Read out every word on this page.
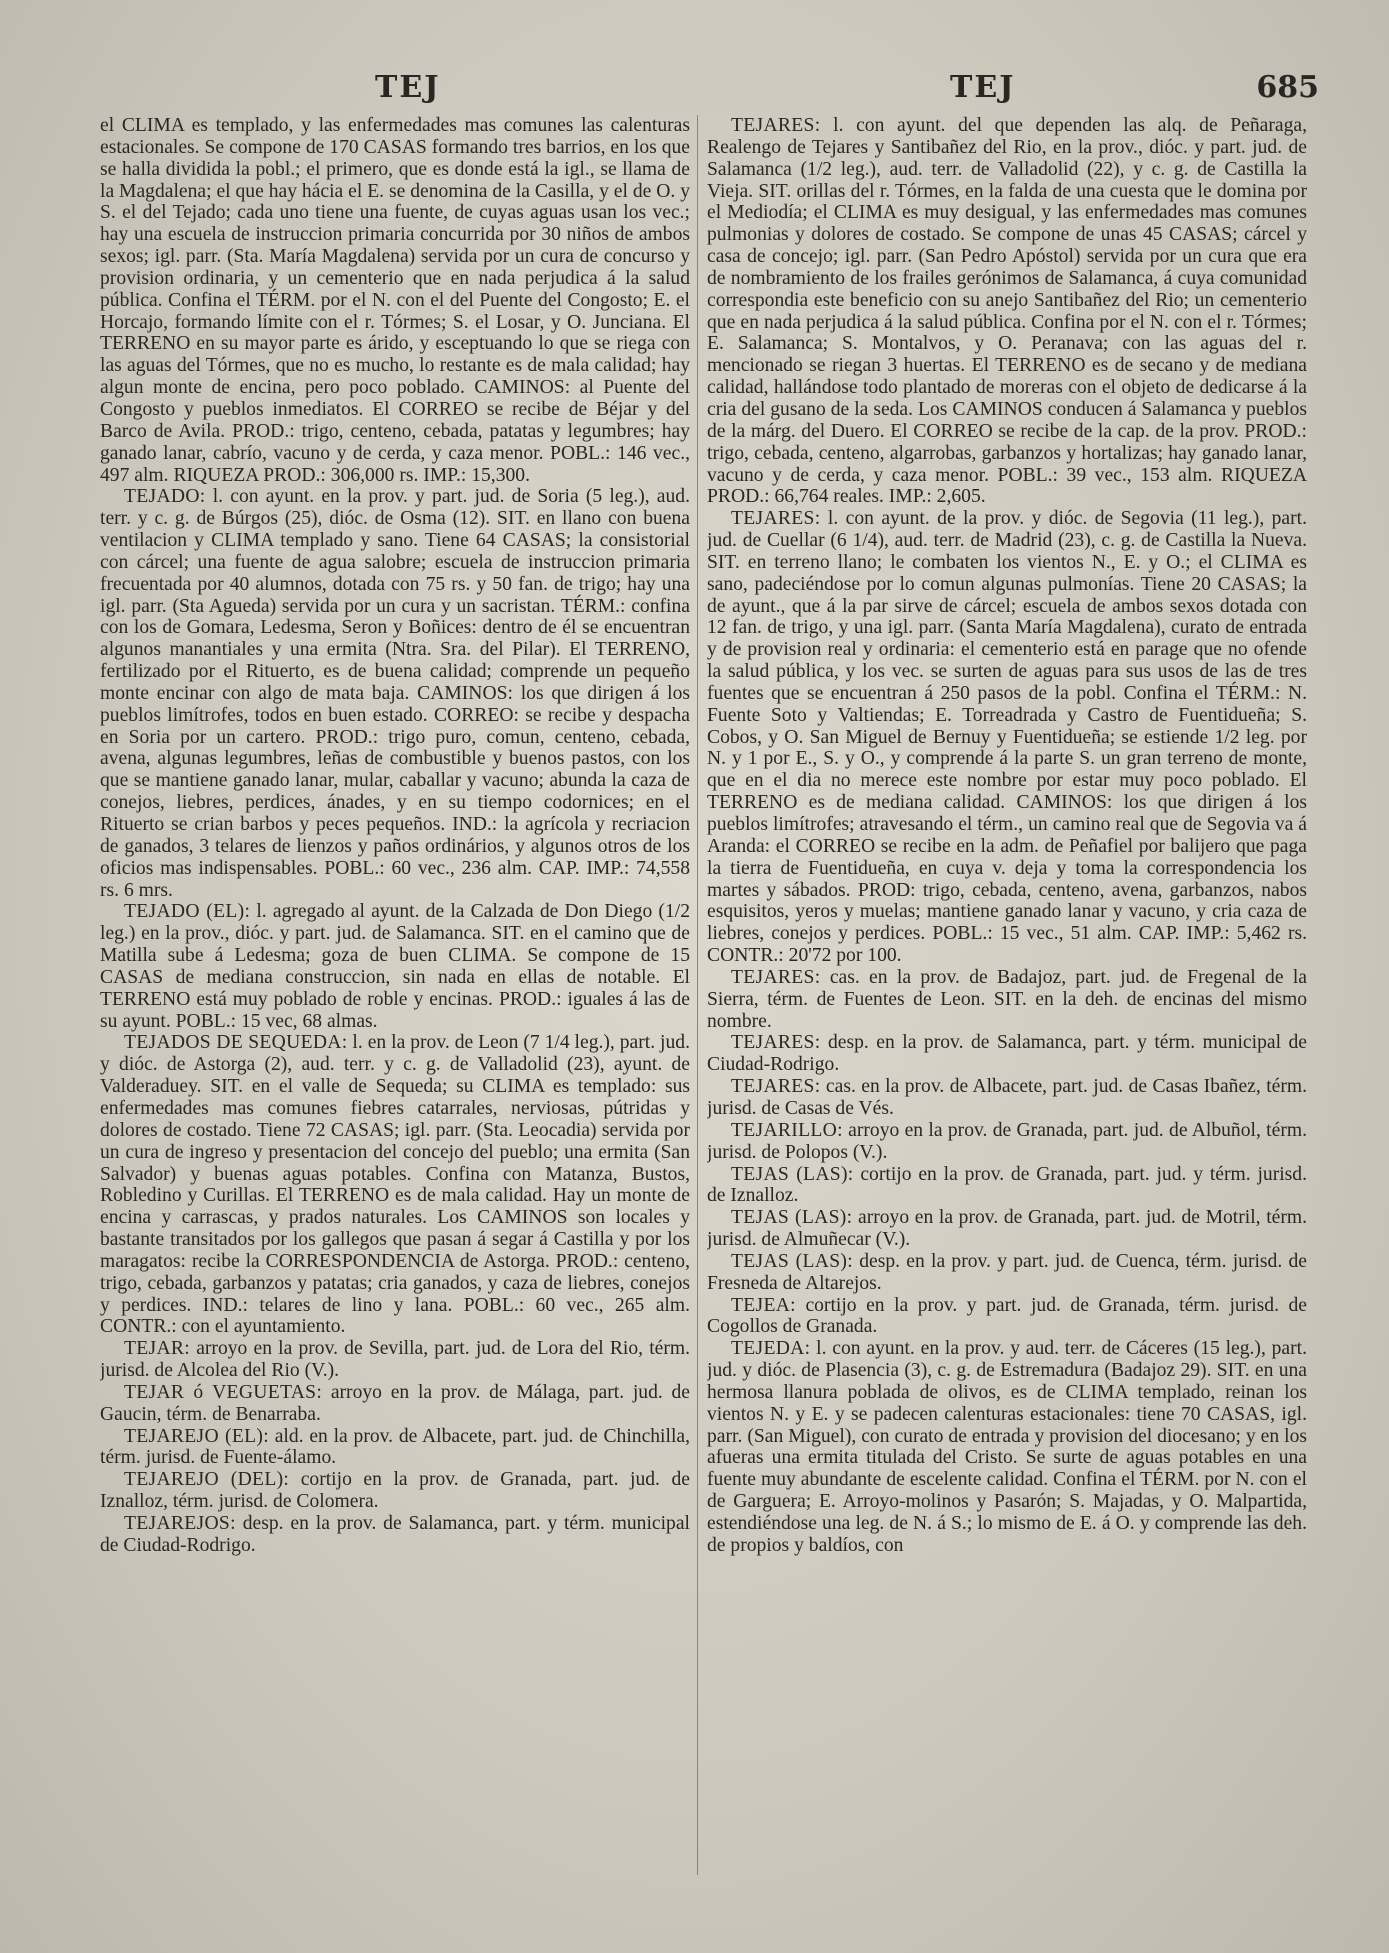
TEJ	TEJ	685

el CLIMA es templado, y las enfermedades mas comunes las calenturas estacionales. Se compone de 170 CASAS formando tres barrios, en los que se halla dividida la pobl.; el primero, que es donde está la igl., se llama de la Magdalena; el que hay hácia el E. se denomina de la Casilla, y el de O. y S. el del Tejado; cada uno tiene una fuente, de cuyas aguas usan los vec.; hay una escuela de instruccion primaria concurrida por 30 niños de ambos sexos; igl. parr. (Sta. María Magdalena) servida por un cura de concurso y provision ordinaria, y un cementerio que en nada perjudica á la salud pública. Confina el TÉRM. por el N. con el del Puente del Congosto; E. el Horcajo, formando límite con el r. Tórmes; S. el Losar, y O. Junciana. El TERRENO en su mayor parte es árido, y esceptuando lo que se riega con las aguas del Tórmes, que no es mucho, lo restante es de mala calidad; hay algun monte de encina, pero poco poblado. CAMINOS: al Puente del Congosto y pueblos inmediatos. El CORREO se recibe de Béjar y del Barco de Avila. PROD.: trigo, centeno, cebada, patatas y legumbres; hay ganado lanar, cabrío, vacuno y de cerda, y caza menor. POBL.: 146 vec., 497 alm. RIQUEZA PROD.: 306,000 rs. IMP.: 15,300.

TEJADO: l. con ayunt. en la prov. y part. jud. de Soria (5 leg.), aud. terr. y c. g. de Búrgos (25), dióc. de Osma (12). SIT. en llano con buena ventilacion y CLIMA templado y sano. Tiene 64 CASAS; la consistorial con cárcel; una fuente de agua salobre; escuela de instruccion primaria frecuentada por 40 alumnos, dotada con 75 rs. y 50 fan. de trigo; hay una igl. parr. (Sta Agueda) servida por un cura y un sacristan. TÉRM.: confina con los de Gomara, Ledesma, Seron y Boñices: dentro de él se encuentran algunos manantiales y una ermita (Ntra. Sra. del Pilar). El TERRENO, fertilizado por el Rituerto, es de buena calidad; comprende un pequeño monte encinar con algo de mata baja. CAMINOS: los que dirigen á los pueblos limítrofes, todos en buen estado. CORREO: se recibe y despacha en Soria por un cartero. PROD.: trigo puro, comun, centeno, cebada, avena, algunas legumbres, leñas de combustible y buenos pastos, con los que se mantiene ganado lanar, mular, caballar y vacuno; abunda la caza de conejos, liebres, perdices, ánades, y en su tiempo codornices; en el Rituerto se crian barbos y peces pequeños. IND.: la agrícola y recriacion de ganados, 3 telares de lienzos y paños ordinários, y algunos otros de los oficios mas indispensables. POBL.: 60 vec., 236 alm. CAP. IMP.: 74,558 rs. 6 mrs.

TEJADO (EL): l. agregado al ayunt. de la Calzada de Don Diego (1/2 leg.) en la prov., dióc. y part. jud. de Salamanca. SIT. en el camino que de Matilla sube á Ledesma; goza de buen CLIMA. Se compone de 15 CASAS de mediana construccion, sin nada en ellas de notable. El TERRENO está muy poblado de roble y encinas. PROD.: iguales á las de su ayunt. POBL.: 15 vec, 68 almas.

TEJADOS DE SEQUEDA: l. en la prov. de Leon (7 1/4 leg.), part. jud. y dióc. de Astorga (2), aud. terr. y c. g. de Valladolid (23), ayunt. de Valderaduey. SIT. en el valle de Sequeda; su CLIMA es templado: sus enfermedades mas comunes fiebres catarrales, nerviosas, pútridas y dolores de costado. Tiene 72 CASAS; igl. parr. (Sta. Leocadia) servida por un cura de ingreso y presentacion del concejo del pueblo; una ermita (San Salvador) y buenas aguas potables. Confina con Matanza, Bustos, Robledino y Curillas. El TERRENO es de mala calidad. Hay un monte de encina y carrascas, y prados naturales. Los CAMINOS son locales y bastante transitados por los gallegos que pasan á segar á Castilla y por los maragatos: recibe la CORRESPONDENCIA de Astorga. PROD.: centeno, trigo, cebada, garbanzos y patatas; cria ganados, y caza de liebres, conejos y perdices. IND.: telares de lino y lana. POBL.: 60 vec., 265 alm. CONTR.: con el ayuntamiento.

TEJAR: arroyo en la prov. de Sevilla, part. jud. de Lora del Rio, térm. jurisd. de Alcolea del Rio (V.).

TEJAR ó VEGUETAS: arroyo en la prov. de Málaga, part. jud. de Gaucin, térm. de Benarraba.

TEJAREJO (EL): ald. en la prov. de Albacete, part. jud. de Chinchilla, térm. jurisd. de Fuente-álamo.

TEJAREJO (DEL): cortijo en la prov. de Granada, part. jud. de Iznalloz, térm. jurisd. de Colomera.

TEJAREJOS: desp. en la prov. de Salamanca, part. y térm. municipal de Ciudad-Rodrigo.

TEJARES: l. con ayunt. del que dependen las alq. de Peñaraga, Realengo de Tejares y Santibañez del Rio, en la prov., dióc. y part. jud. de Salamanca (1/2 leg.), aud. terr. de Valladolid (22), y c. g. de Castilla la Vieja. SIT. orillas del r. Tórmes, en la falda de una cuesta que le domina por el Mediodía; el CLIMA es muy desigual, y las enfermedades mas comunes pulmonias y dolores de costado. Se compone de unas 45 CASAS; cárcel y casa de concejo; igl. parr. (San Pedro Apóstol) servida por un cura que era de nombramiento de los frailes gerónimos de Salamanca, á cuya comunidad correspondia este beneficio con su anejo Santibañez del Rio; un cementerio que en nada perjudica á la salud pública. Confina por el N. con el r. Tórmes; E. Salamanca; S. Montalvos, y O. Peranava; con las aguas del r. mencionado se riegan 3 huertas. El TERRENO es de secano y de mediana calidad, hallándose todo plantado de moreras con el objeto de dedicarse á la cria del gusano de la seda. Los CAMINOS conducen á Salamanca y pueblos de la márg. del Duero. El CORREO se recibe de la cap. de la prov. PROD.: trigo, cebada, centeno, algarrobas, garbanzos y hortalizas; hay ganado lanar, vacuno y de cerda, y caza menor. POBL.: 39 vec., 153 alm. RIQUEZA PROD.: 66,764 reales. IMP.: 2,605.

TEJARES: l. con ayunt. de la prov. y dióc. de Segovia (11 leg.), part. jud. de Cuellar (6 1/4), aud. terr. de Madrid (23), c. g. de Castilla la Nueva. SIT. en terreno llano; le combaten los vientos N., E. y O.; el CLIMA es sano, padeciéndose por lo comun algunas pulmonías. Tiene 20 CASAS; la de ayunt., que á la par sirve de cárcel; escuela de ambos sexos dotada con 12 fan. de trigo, y una igl. parr. (Santa María Magdalena), curato de entrada y de provision real y ordinaria: el cementerio está en parage que no ofende la salud pública, y los vec. se surten de aguas para sus usos de las de tres fuentes que se encuentran á 250 pasos de la pobl. Confina el TÉRM.: N. Fuente Soto y Valtiendas; E. Torreadrada y Castro de Fuentidueña; S. Cobos, y O. San Miguel de Bernuy y Fuentidueña; se estiende 1/2 leg. por N. y 1 por E., S. y O., y comprende á la parte S. un gran terreno de monte, que en el dia no merece este nombre por estar muy poco poblado. El TERRENO es de mediana calidad. CAMINOS: los que dirigen á los pueblos limítrofes; atravesando el térm., un camino real que de Segovia va á Aranda: el CORREO se recibe en la adm. de Peñafiel por balijero que paga la tierra de Fuentidueña, en cuya v. deja y toma la correspondencia los martes y sábados. PROD: trigo, cebada, centeno, avena, garbanzos, nabos esquisitos, yeros y muelas; mantiene ganado lanar y vacuno, y cria caza de liebres, conejos y perdices. POBL.: 15 vec., 51 alm. CAP. IMP.: 5,462 rs. CONTR.: 20'72 por 100.

TEJARES: cas. en la prov. de Badajoz, part. jud. de Fregenal de la Sierra, térm. de Fuentes de Leon. SIT. en la deh. de encinas del mismo nombre.

TEJARES: desp. en la prov. de Salamanca, part. y térm. municipal de Ciudad-Rodrigo.

TEJARES: cas. en la prov. de Albacete, part. jud. de Casas Ibañez, térm. jurisd. de Casas de Vés.

TEJARILLO: arroyo en la prov. de Granada, part. jud. de Albuñol, térm. jurisd. de Polopos (V.).

TEJAS (LAS): cortijo en la prov. de Granada, part. jud. y térm. jurisd. de Iznalloz.

TEJAS (LAS): arroyo en la prov. de Granada, part. jud. de Motril, térm. jurisd. de Almuñecar (V.).

TEJAS (LAS): desp. en la prov. y part. jud. de Cuenca, térm. jurisd. de Fresneda de Altarejos.

TEJEA: cortijo en la prov. y part. jud. de Granada, térm. jurisd. de Cogollos de Granada.

TEJEDA: l. con ayunt. en la prov. y aud. terr. de Cáceres (15 leg.), part. jud. y dióc. de Plasencia (3), c. g. de Estremadura (Badajoz 29). SIT. en una hermosa llanura poblada de olivos, es de CLIMA templado, reinan los vientos N. y E. y se padecen calenturas estacionales: tiene 70 CASAS, igl. parr. (San Miguel), con curato de entrada y provision del diocesano; y en los afueras una ermita titulada del Cristo. Se surte de aguas potables en una fuente muy abundante de escelente calidad. Confina el TÉRM. por N. con el de Garguera; E. Arroyo-molinos y Pasarón; S. Majadas, y O. Malpartida, estendiéndose una leg. de N. á S.; lo mismo de E. á O. y comprende las deh. de propios y baldíos, con
